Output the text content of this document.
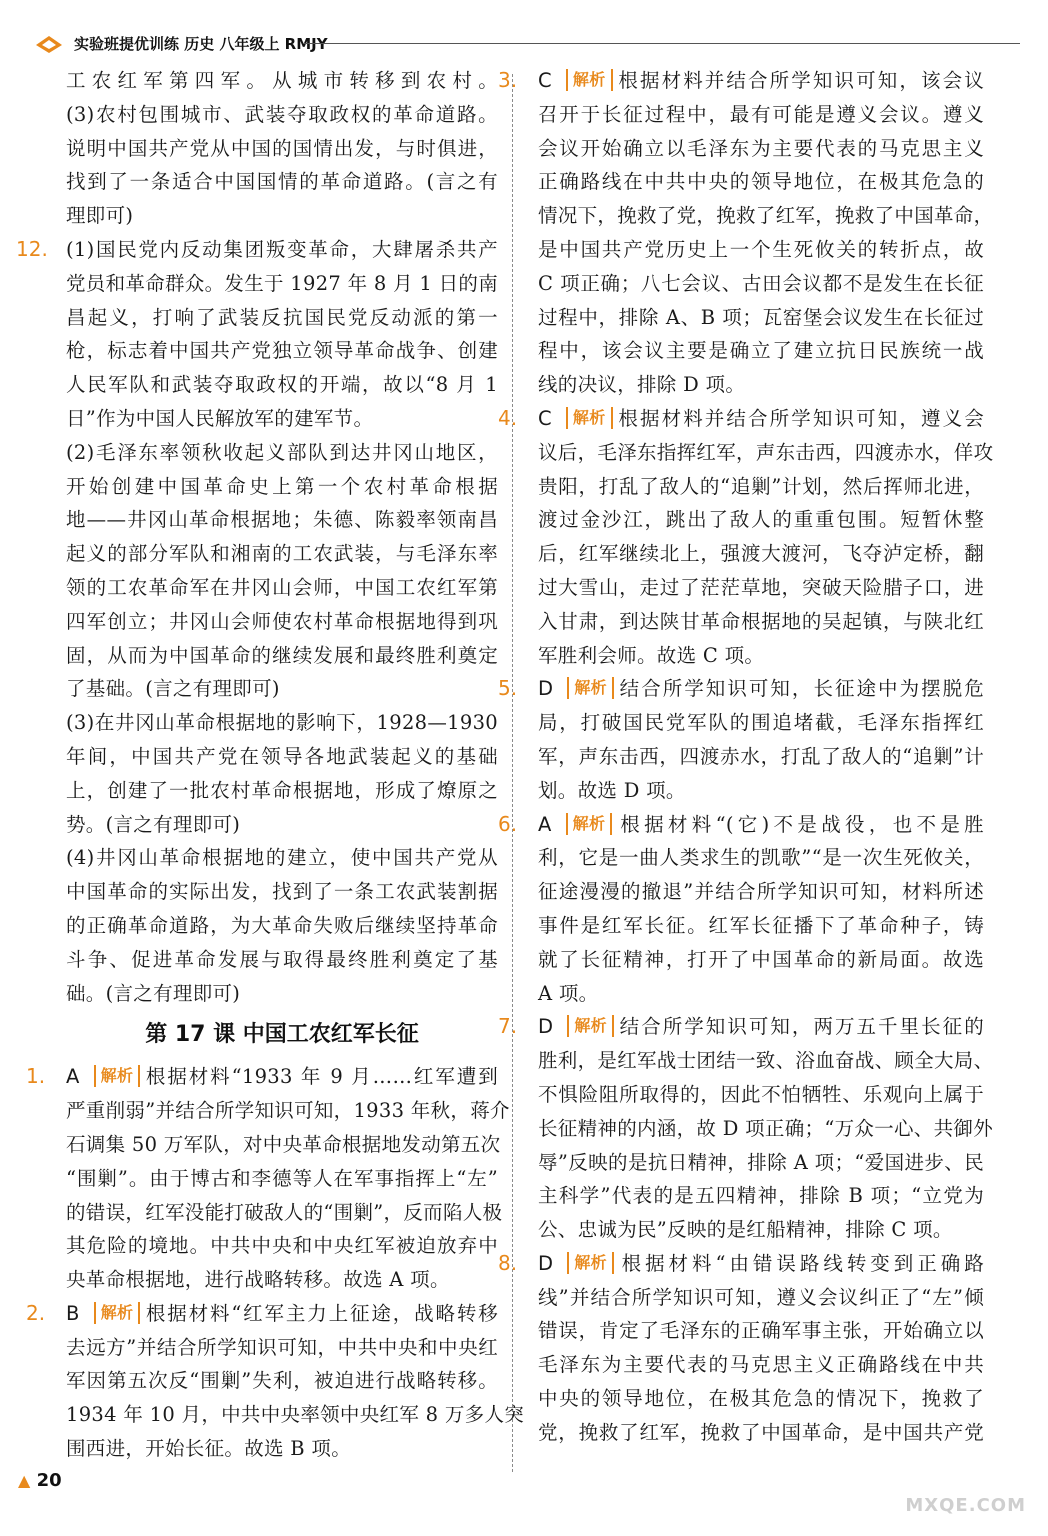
实验班提优训练 历史 八年级上 RMJY

工农红军第四军。从城市转移到农村。

(3)农村包围城市、武装夺取政权的革命道路。

说明中国共产党从中国的国情出发，与时俱进，

找到了一条适合中国国情的革命道路。(言之有

理即可)

12. (1)国民党内反动集团叛变革命，大肆屠杀共产

党员和革命群众。发生于 1927 年 8 月 1 日的南

昌起义，打响了武装反抗国民党反动派的第一

枪，标志着中国共产党独立领导革命战争、创建

人民军队和武装夺取政权的开端，故以“8 月 1

日”作为中国人民解放军的建军节。

(2)毛泽东率领秋收起义部队到达井冈山地区，

开始创建中国革命史上第一个农村革命根据

地——井冈山革命根据地；朱德、陈毅率领南昌

起义的部分军队和湘南的工农武装，与毛泽东率

领的工农革命军在井冈山会师，中国工农红军第

四军创立；井冈山会师使农村革命根据地得到巩

固，从而为中国革命的继续发展和最终胜利奠定

了基础。(言之有理即可)

(3)在井冈山革命根据地的影响下，1928—1930

年间，中国共产党在领导各地武装起义的基础

上，创建了一批农村革命根据地，形成了燎原之

势。(言之有理即可)

(4)井冈山革命根据地的建立，使中国共产党从

中国革命的实际出发，找到了一条工农武装割据

的正确革命道路，为大革命失败后继续坚持革命

斗争、促进革命发展与取得最终胜利奠定了基

础。(言之有理即可)

第 17 课 中国工农红军长征
1. A 解析 根据材料“1933 年 9 月……红军遭到

严重削弱”并结合所学知识可知，1933 年秋，蒋介

石调集 50 万军队，对中央革命根据地发动第五次

“围剿”。由于博古和李德等人在军事指挥上“左”

的错误，红军没能打破敌人的“围剿”，反而陷人极

其危险的境地。中共中央和中央红军被迫放弃中

央革命根据地，进行战略转移。故选 A 项。

2. B 解析 根据材料“红军主力上征途，战略转移

去远方”并结合所学知识可知，中共中央和中央红

军因第五次反“围剿”失利，被迫进行战略转移。

1934 年 10 月，中共中央率领中央红军 8 万多人突

围西进，开始长征。故选 B 项。

3. C 解析 根据材料并结合所学知识可知，该会议

召开于长征过程中，最有可能是遵义会议。遵义

会议开始确立以毛泽东为主要代表的马克思主义

正确路线在中共中央的领导地位，在极其危急的

情况下，挽救了党，挽救了红军，挽救了中国革命，

是中国共产党历史上一个生死攸关的转折点，故

C 项正确；八七会议、古田会议都不是发生在长征

过程中，排除 A、B 项；瓦窑堡会议发生在长征过

程中，该会议主要是确立了建立抗日民族统一战

线的决议，排除 D 项。

4. C 解析 根据材料并结合所学知识可知，遵义会

议后，毛泽东指挥红军，声东击西，四渡赤水，佯攻

贵阳，打乱了敌人的“追剿”计划，然后挥师北进，

渡过金沙江，跳出了敌人的重重包围。短暂休整

后，红军继续北上，强渡大渡河，飞夺泸定桥，翻

过大雪山，走过了茫茫草地，突破天险腊子口，进

入甘肃，到达陕甘革命根据地的吴起镇，与陕北红

军胜利会师。故选 C 项。

5. D 解析 结合所学知识可知，长征途中为摆脱危

局，打破国民党军队的围追堵截，毛泽东指挥红

军，声东击西，四渡赤水，打乱了敌人的“追剿”计

划。故选 D 项。

6. A 解析 根据材料“(它)不是战役，也不是胜

利，它是一曲人类求生的凯歌”“是一次生死攸关，

征途漫漫的撤退”并结合所学知识可知，材料所述

事件是红军长征。红军长征播下了革命种子，铸

就了长征精神，打开了中国革命的新局面。故选

A 项。

7. D 解析 结合所学知识可知，两万五千里长征的

胜利，是红军战士团结一致、浴血奋战、顾全大局、

不惧险阻所取得的，因此不怕牺牲、乐观向上属于

长征精神的内涵，故 D 项正确；“万众一心、共御外

辱”反映的是抗日精神，排除 A 项；“爱国进步、民

主科学”代表的是五四精神，排除 B 项；“立党为

公、忠诚为民”反映的是红船精神，排除 C 项。

8. D 解析 根据材料“由错误路线转变到正确路

线”并结合所学知识可知，遵义会议纠正了“左”倾

错误，肯定了毛泽东的正确军事主张，开始确立以

毛泽东为主要代表的马克思主义正确路线在中共

中央的领导地位，在极其危急的情况下，挽救了

党，挽救了红军，挽救了中国革命，是中国共产党

▲ 20
MXQE.COM
